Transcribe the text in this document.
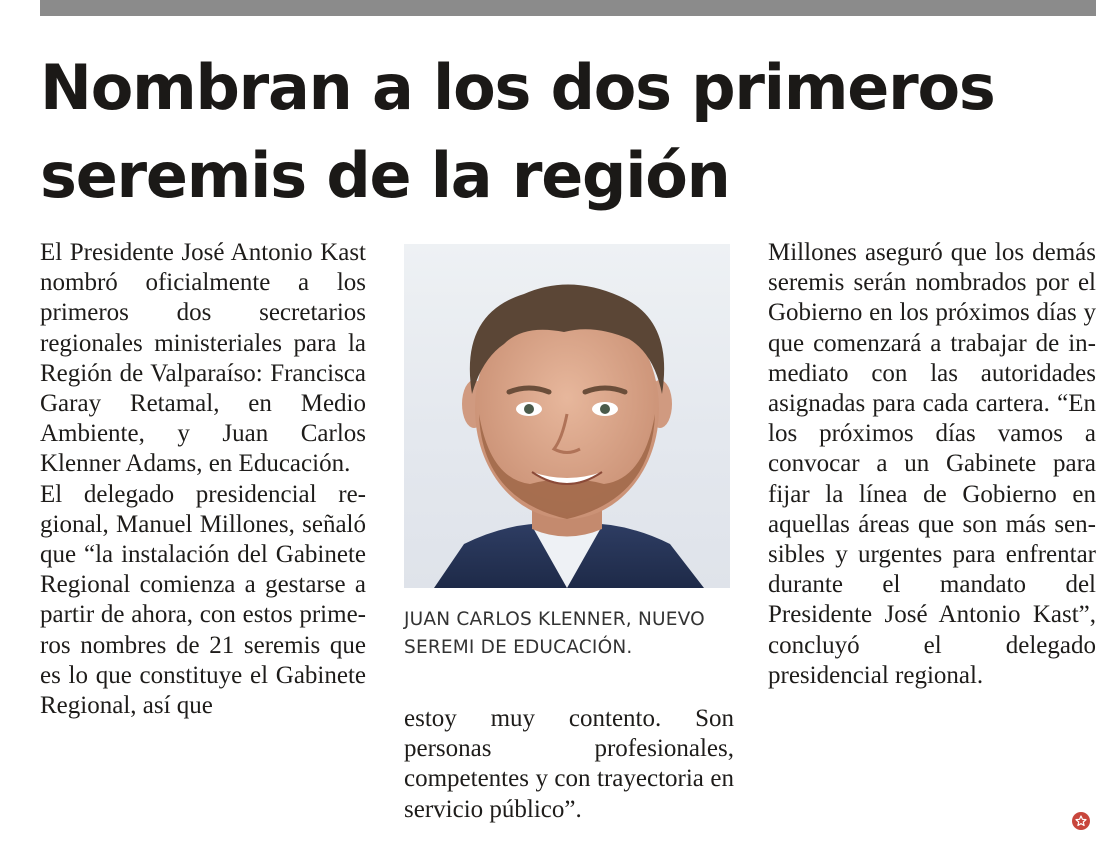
Nombran a los dos primeros
seremis de la región

El Presidente José Antonio Kast nombró oficialmente a los primeros dos secretarios regionales ministeriales para la Región de Valparaíso: Francisca Garay Retamal, en Medio Ambiente, y Juan Carlos Klenner Adams, en Educación.

El delegado presidencial regional, Manuel Millones, señaló que “la instalación del Gabinete Regional comienza a gestarse a partir de ahora, con estos primeros nombres de 21 seremis que es lo que constituye el Gabinete Regional, así que

JUAN CARLOS KLENNER, NUEVO
SEREMI DE EDUCACIÓN.

estoy muy contento. Son personas profesionales, competentes y con trayectoria en servicio público”.

Millones aseguró que los demás seremis serán nombrados por el Gobierno en los próximos días y que comenzará a trabajar de inmediato con las autoridades asignadas para cada cartera. “En los próximos días vamos a convocar a un Gabinete para fijar la línea de Gobierno en aquellas áreas que son más sensibles y urgentes para enfrentar durante el mandato del Presidente José Antonio Kast”, concluyó el delegado presidencial regional.
